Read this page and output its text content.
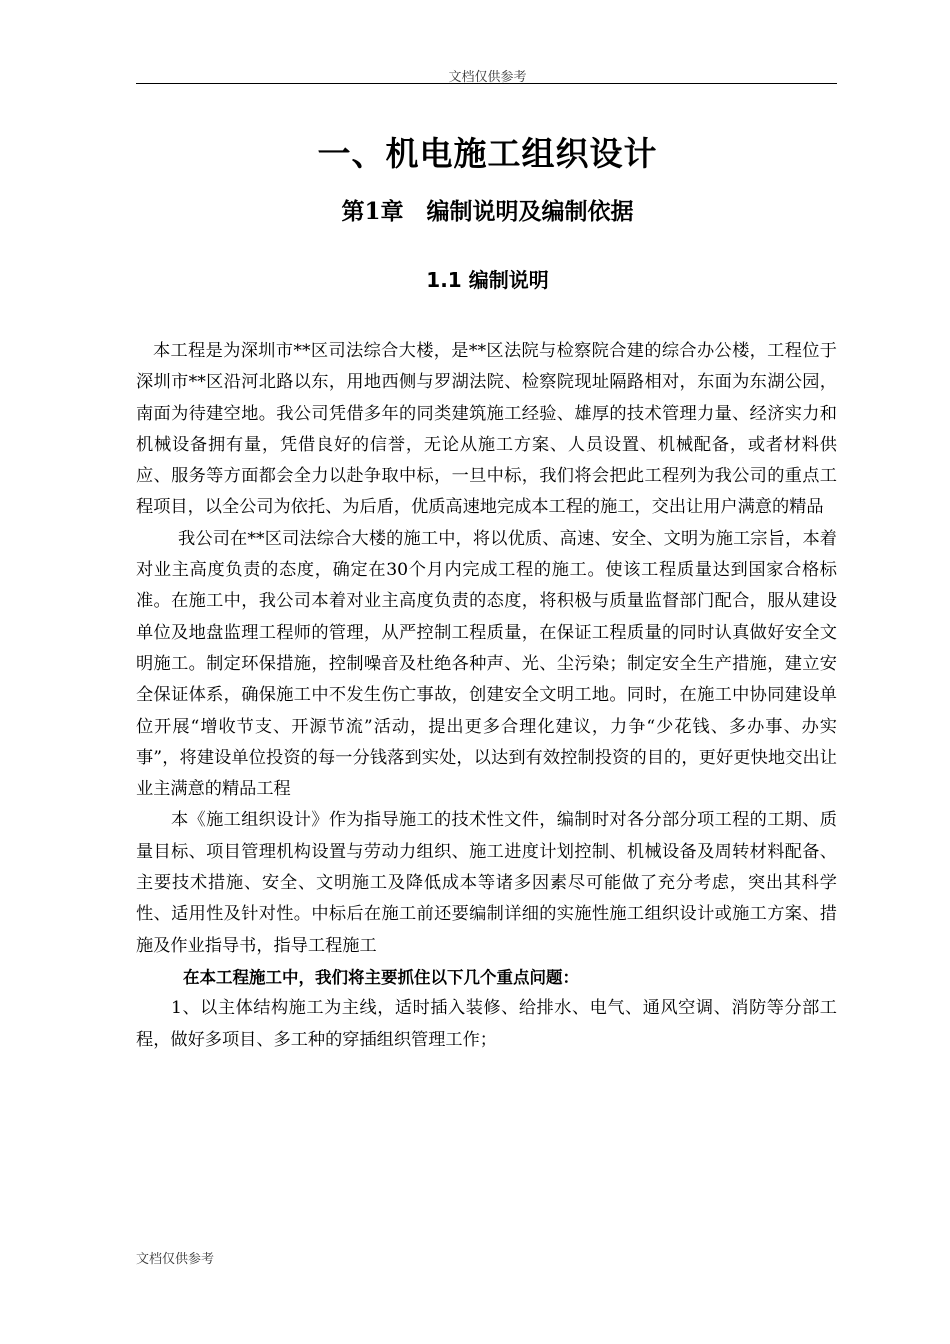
文档仅供参考
一、机电施工组织设计
第1章　编制说明及编制依据
1.1 编制说明

本工程是为深圳市**区司法综合大楼，是**区法院与检察院合建的综合办公楼，工程位于深圳市**区沿河北路以东，用地西侧与罗湖法院、检察院现址隔路相对，东面为东湖公园，南面为待建空地。我公司凭借多年的同类建筑施工经验、雄厚的技术管理力量、经济实力和机械设备拥有量，凭借良好的信誉，无论从施工方案、人员设置、机械配备，或者材料供应、服务等方面都会全力以赴争取中标，一旦中标，我们将会把此工程列为我公司的重点工程项目，以全公司为依托、为后盾，优质高速地完成本工程的施工，交出让用户满意的精品

我公司在**区司法综合大楼的施工中，将以优质、高速、安全、文明为施工宗旨，本着对业主高度负责的态度，确定在30个月内完成工程的施工。使该工程质量达到国家合格标准。在施工中，我公司本着对业主高度负责的态度，将积极与质量监督部门配合，服从建设单位及地盘监理工程师的管理，从严控制工程质量，在保证工程质量的同时认真做好安全文明施工。制定环保措施，控制噪音及杜绝各种声、光、尘污染；制定安全生产措施，建立安全保证体系，确保施工中不发生伤亡事故，创建安全文明工地。同时，在施工中协同建设单位开展“增收节支、开源节流”活动，提出更多合理化建议，力争“少花钱、多办事、办实事”，将建设单位投资的每一分钱落到实处，以达到有效控制投资的目的，更好更快地交出让业主满意的精品工程

本《施工组织设计》作为指导施工的技术性文件，编制时对各分部分项工程的工期、质量目标、项目管理机构设置与劳动力组织、施工进度计划控制、机械设备及周转材料配备、主要技术措施、安全、文明施工及降低成本等诸多因素尽可能做了充分考虑，突出其科学性、适用性及针对性。中标后在施工前还要编制详细的实施性施工组织设计或施工方案、措施及作业指导书，指导工程施工

在本工程施工中，我们将主要抓住以下几个重点问题：

1、以主体结构施工为主线，适时插入装修、给排水、电气、通风空调、消防等分部工程，做好多项目、多工种的穿插组织管理工作；

文档仅供参考
